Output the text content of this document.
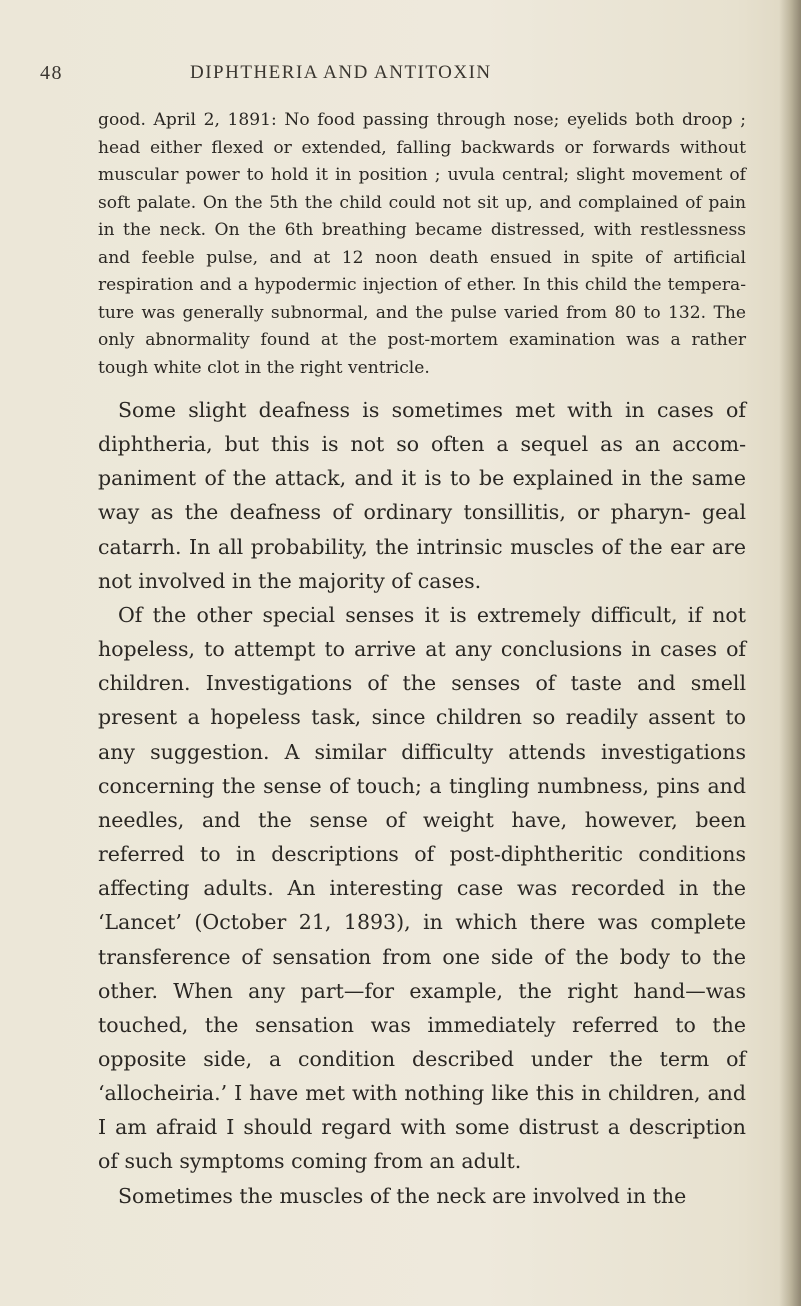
48	DIPHTHERIA AND ANTITOXIN

good. April 2, 1891: No food passing through nose; eyelids both droop ; head either flexed or extended, falling backwards or forwards without muscular power to hold it in position ; uvula central; slight movement of soft palate. On the 5th the child could not sit up, and complained of pain in the neck. On the 6th breathing became distressed, with restlessness and feeble pulse, and at 12 noon death ensued in spite of artificial respiration and a hypodermic injection of ether. In this child the tempera- ture was generally subnormal, and the pulse varied from 80 to 132. The only abnormality found at the post-mortem examination was a rather tough white clot in the right ventricle.

Some slight deafness is sometimes met with in cases of diphtheria, but this is not so often a sequel as an accom- paniment of the attack, and it is to be explained in the same way as the deafness of ordinary tonsillitis, or pharyn- geal catarrh. In all probability, the intrinsic muscles of the ear are not involved in the majority of cases.

Of the other special senses it is extremely difficult, if not hopeless, to attempt to arrive at any conclusions in cases of children. Investigations of the senses of taste and smell present a hopeless task, since children so readily assent to any suggestion. A similar difficulty attends investigations concerning the sense of touch; a tingling numbness, pins and needles, and the sense of weight have, however, been referred to in descriptions of post-diphtheritic conditions affecting adults. An interesting case was recorded in the ‘Lancet’ (October 21, 1893), in which there was complete transference of sensation from one side of the body to the other. When any part—for example, the right hand—was touched, the sensation was immediately referred to the opposite side, a condition described under the term of ‘allocheiria.’ I have met with nothing like this in children, and I am afraid I should regard with some distrust a description of such symptoms coming from an adult.

Sometimes the muscles of the neck are involved in the
